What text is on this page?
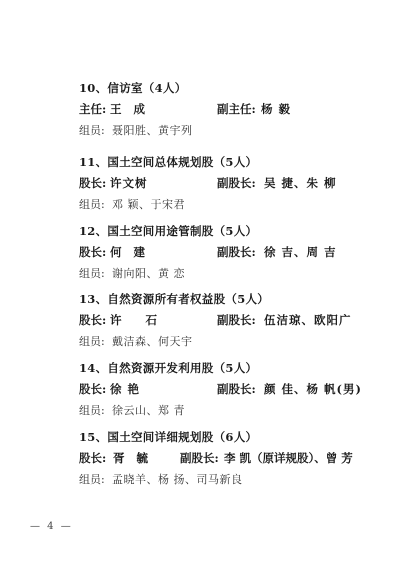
10、信访室（4人）
主任: 王 成	副主任: 杨 毅
组员: 聂阳胜、黄宇列
11、国土空间总体规划股（5人）
股长: 许文树	副股长: 吴 捷、朱 柳
组员: 邓 颖、于宋君
12、国土空间用途管制股（5人）
股长: 何 建	副股长: 徐 吉、周 吉
组员: 谢向阳、黄 恋
13、自然资源所有者权益股（5人）
股长: 许 石	副股长: 伍洁琼、欧阳广
组员: 戴洁森、何天宇
14、自然资源开发利用股（5人）
股长: 徐 艳	副股长: 颜 佳、杨 帆(男)
组员: 徐云山、郑 青
15、国土空间详细规划股（6人）
股长: 胥 毓 副股长: 李 凯（原详规股）、曾 芳
组员: 孟晓羊、杨 扬、司马新良
— 4 —
